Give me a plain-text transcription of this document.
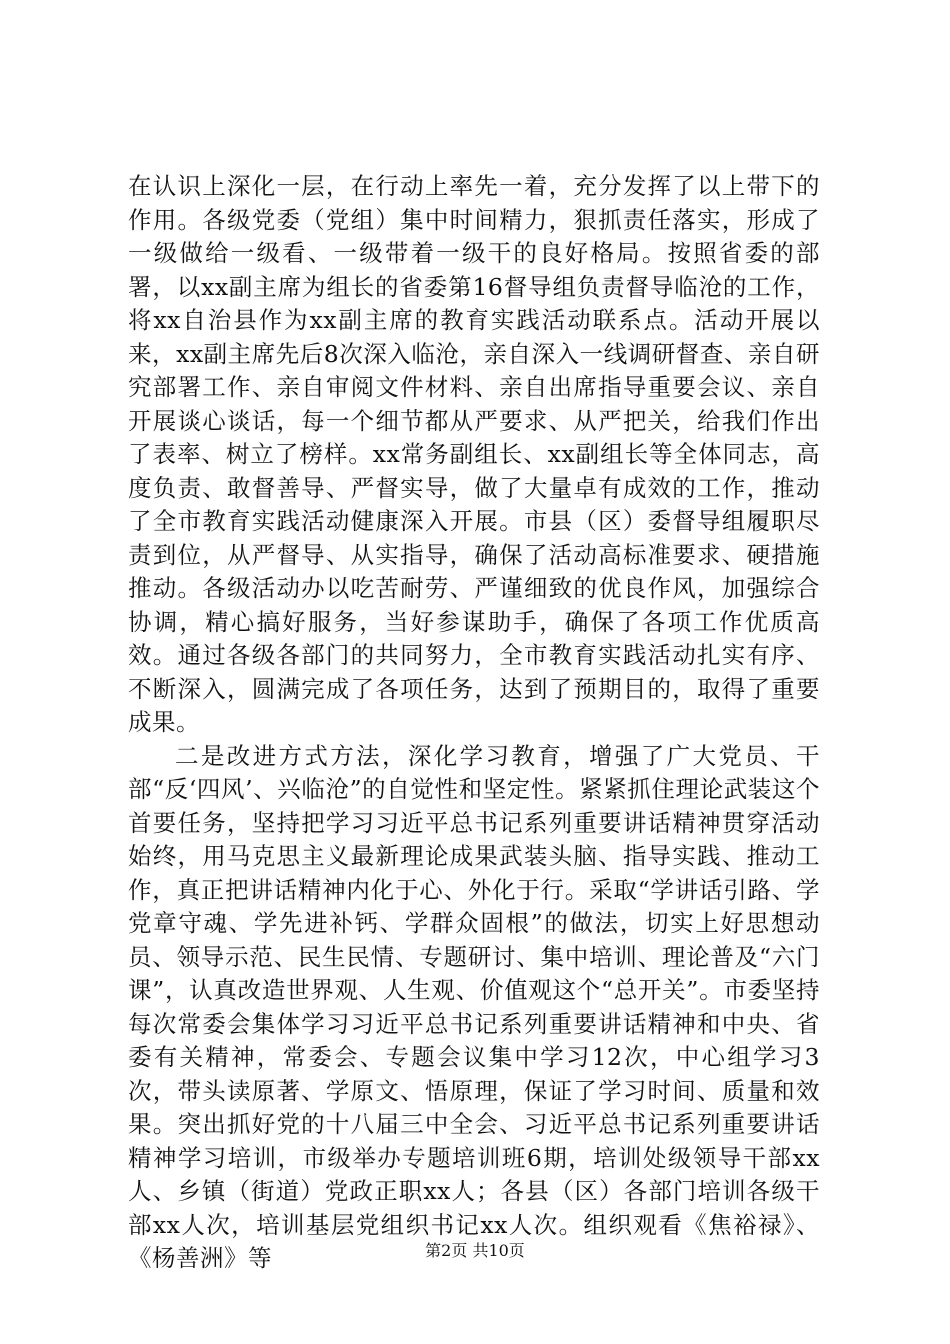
在认识上深化一层，在行动上率先一着，充分发挥了以上带下的作用。各级党委（党组）集中时间精力，狠抓责任落实，形成了一级做给一级看、一级带着一级干的良好格局。按照省委的部署，以xx副主席为组长的省委第16督导组负责督导临沧的工作，将xx自治县作为xx副主席的教育实践活动联系点。活动开展以来，xx副主席先后8次深入临沧，亲自深入一线调研督查、亲自研究部署工作、亲自审阅文件材料、亲自出席指导重要会议、亲自开展谈心谈话，每一个细节都从严要求、从严把关，给我们作出了表率、树立了榜样。xx常务副组长、xx副组长等全体同志，高度负责、敢督善导、严督实导，做了大量卓有成效的工作，推动了全市教育实践活动健康深入开展。市县（区）委督导组履职尽责到位，从严督导、从实指导，确保了活动高标准要求、硬措施推动。各级活动办以吃苦耐劳、严谨细致的优良作风，加强综合协调，精心搞好服务，当好参谋助手，确保了各项工作优质高效。通过各级各部门的共同努力，全市教育实践活动扎实有序、不断深入，圆满完成了各项任务，达到了预期目的，取得了重要成果。

二是改进方式方法，深化学习教育，增强了广大党员、干部“反‘四风’、兴临沧”的自觉性和坚定性。紧紧抓住理论武装这个首要任务，坚持把学习习近平总书记系列重要讲话精神贯穿活动始终，用马克思主义最新理论成果武装头脑、指导实践、推动工作，真正把讲话精神内化于心、外化于行。采取“学讲话引路、学党章守魂、学先进补钙、学群众固根”的做法，切实上好思想动员、领导示范、民生民情、专题研讨、集中培训、理论普及“六门课”，认真改造世界观、人生观、价值观这个“总开关”。市委坚持每次常委会集体学习习近平总书记系列重要讲话精神和中央、省委有关精神，常委会、专题会议集中学习12次，中心组学习3次，带头读原著、学原文、悟原理，保证了学习时间、质量和效果。突出抓好党的十八届三中全会、习近平总书记系列重要讲话精神学习培训，市级举办专题培训班6期，培训处级领导干部xx人、乡镇（街道）党政正职xx人；各县（区）各部门培训各级干部xx人次，培训基层党组织书记xx人次。组织观看《焦裕禄》、《杨善洲》等	第2页 共10页
